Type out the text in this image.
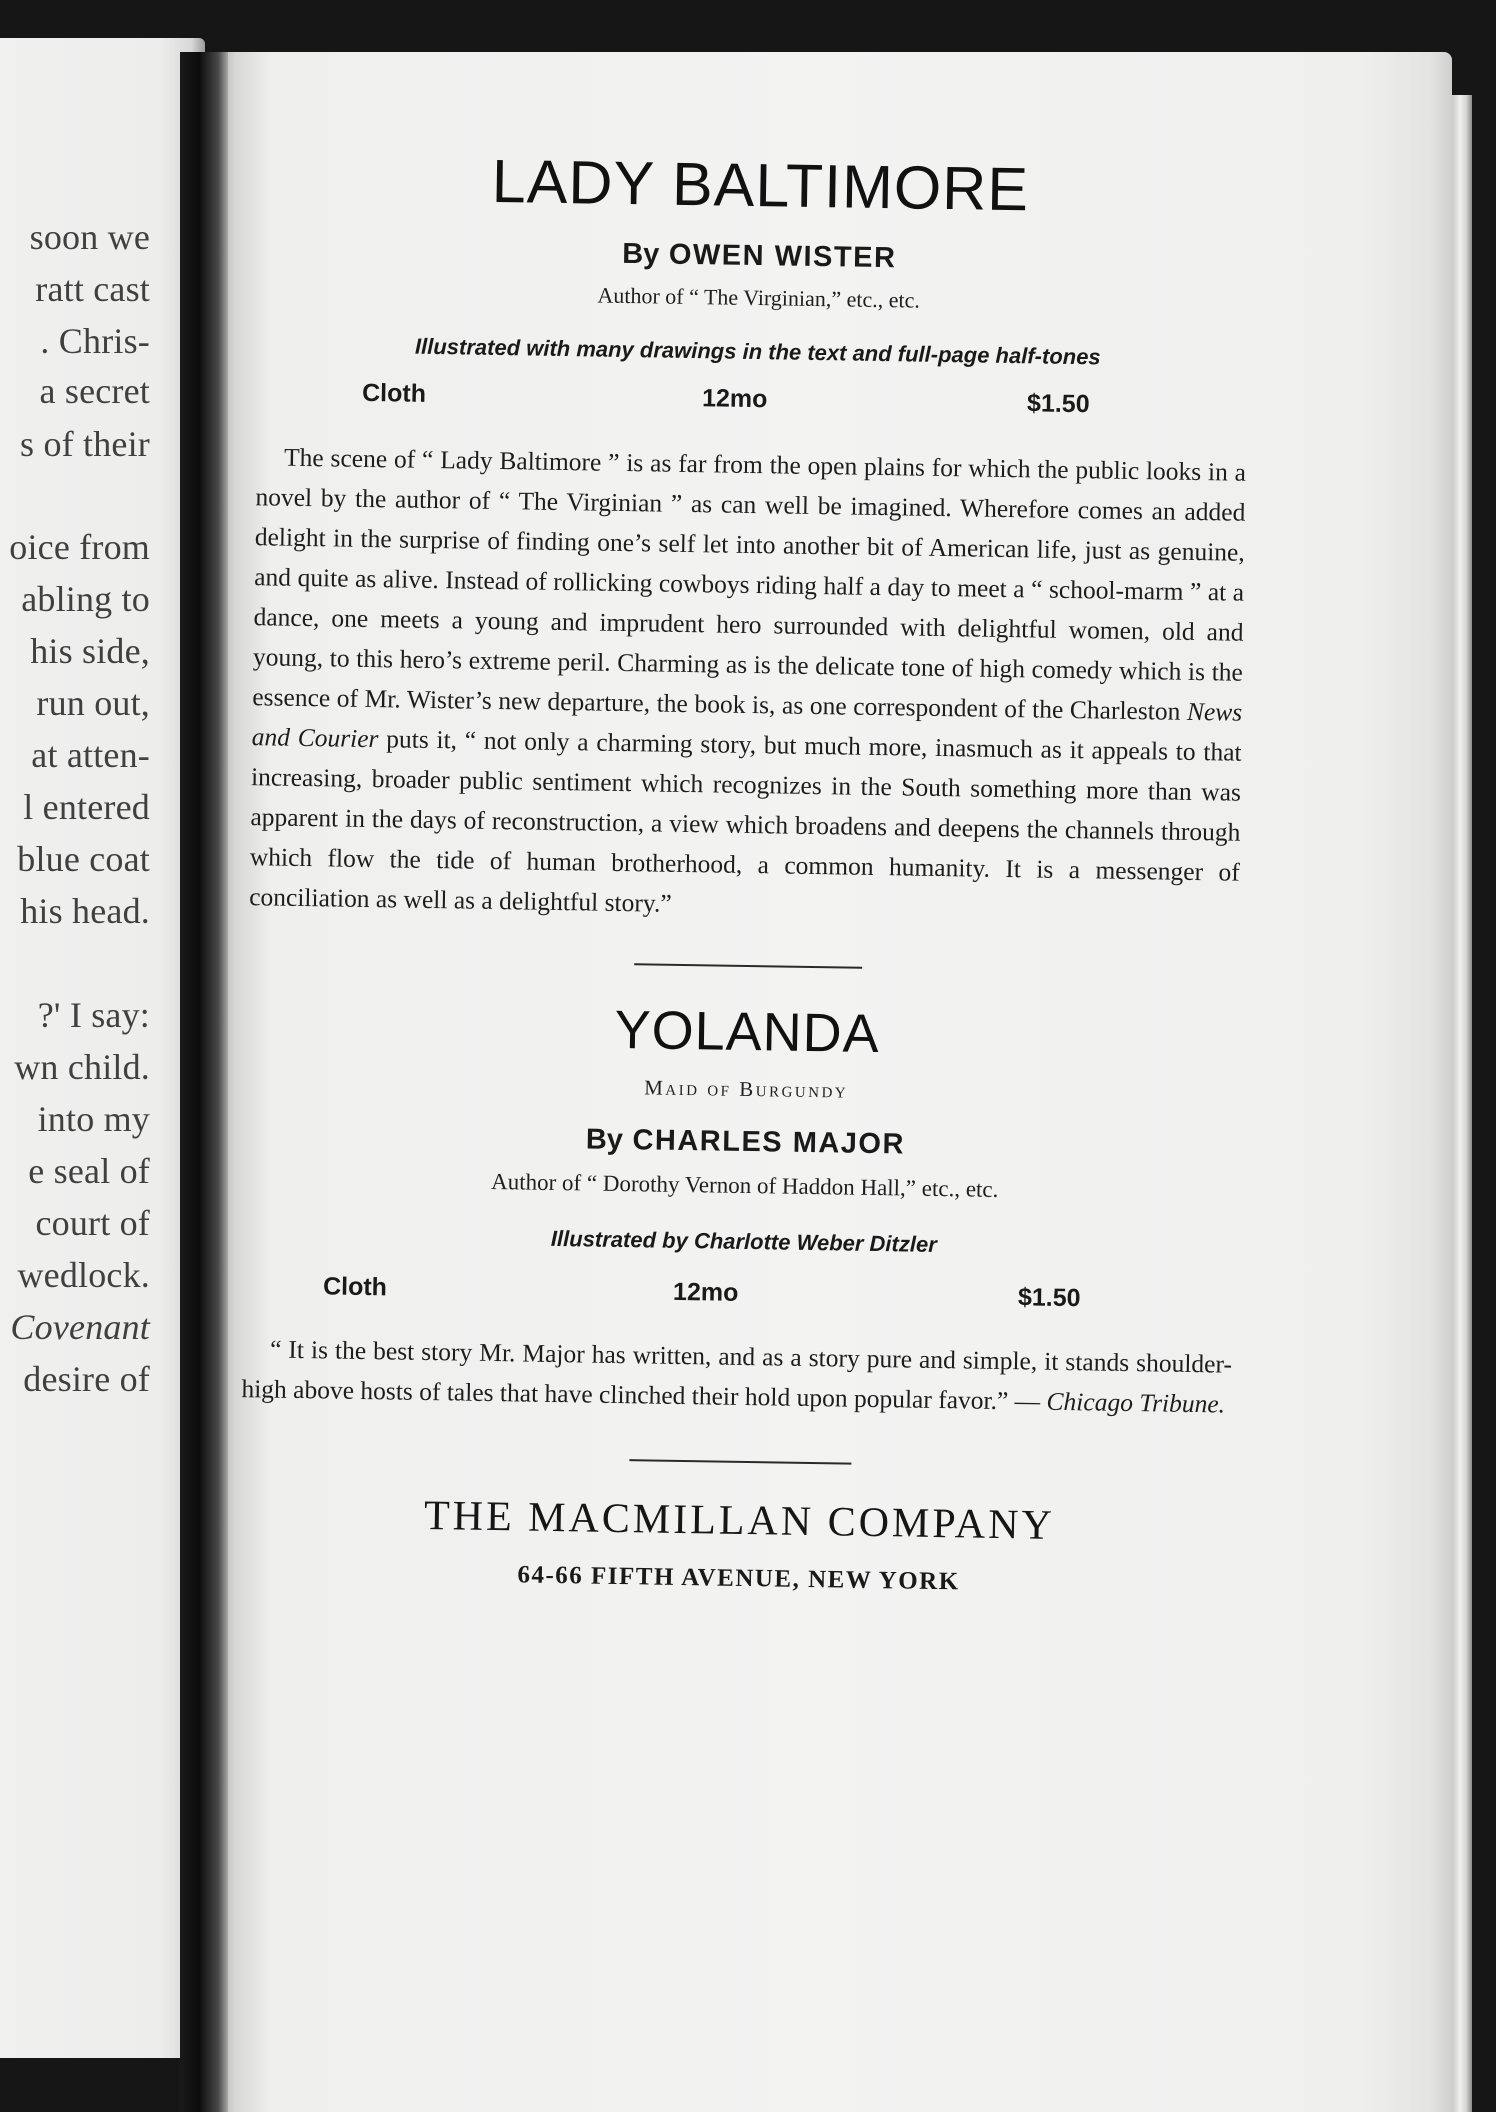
soon we
ratt cast
. Chris-
a secret
s of their
oice from
abling to
his side,
run out,
at atten-
l entered
blue coat
his head.
?' I say:
wn child.
into my
e seal of
court of
wedlock.
Covenant
desire of
LADY BALTIMORE
By OWEN WISTER
Author of “ The Virginian,” etc., etc.
Illustrated with many drawings in the text and full-page half-tones
Cloth	12mo	$1.50

The scene of “ Lady Baltimore ” is as far from the open plains for which the public looks in a novel by the author of “ The Virginian ” as can well be imagined. Wherefore comes an added delight in the surprise of finding one’s self let into another bit of American life, just as genuine, and quite as alive. Instead of rollicking cowboys riding half a day to meet a “ school-marm ” at a dance, one meets a young and imprudent hero surrounded with delightful women, old and young, to this hero’s extreme peril. Charming as is the delicate tone of high comedy which is the essence of Mr. Wister’s new departure, the book is, as one correspondent of the Charleston News and Courier puts it, “ not only a charming story, but much more, inasmuch as it appeals to that increasing, broader public sentiment which recognizes in the South something more than was apparent in the days of reconstruction, a view which broadens and deepens the channels through which flow the tide of human brotherhood, a common humanity. It is a messenger of conciliation as well as a delightful story.”

YOLANDA
Maid of Burgundy
By CHARLES MAJOR
Author of “ Dorothy Vernon of Haddon Hall,” etc., etc.
Illustrated by Charlotte Weber Ditzler
Cloth	12mo	$1.50

“ It is the best story Mr. Major has written, and as a story pure and simple, it stands shoulder-high above hosts of tales that have clinched their hold upon popular favor.” — Chicago Tribune.

THE MACMILLAN COMPANY
64-66 FIFTH AVENUE, NEW YORK
